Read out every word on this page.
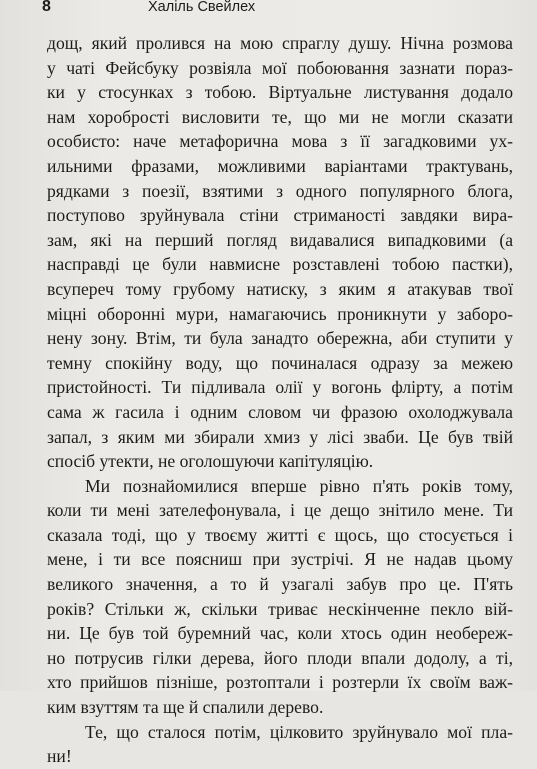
8	Халіль Свейлех
дощ, який пролився на мою спраглу душу. Нічна розмова
у чаті Фейсбуку розвіяла мої побоювання зазнати пораз-
ки у стосунках з тобою. Віртуальне листування додало
нам хоробрості висловити те, що ми не могли сказати
особисто: наче метафорична мова з її загадковими ух-
ильними фразами, можливими варіантами трактувань,
рядками з поезії, взятими з одного популярного блога,
поступово зруйнувала стіни стриманості завдяки вира-
зам, які на перший погляд видавалися випадковими (а
насправді це були навмисне розставлені тобою пастки),
всупереч тому грубому натиску, з яким я атакував твої
міцні оборонні мури, намагаючись проникнути у заборо-
нену зону. Втім, ти була занадто обережна, аби ступити у
темну спокійну воду, що починалася одразу за межею
пристойності. Ти підливала олії у вогонь флірту, а потім
сама ж гасила і одним словом чи фразою охолоджувала
запал, з яким ми збирали хмиз у лісі зваби. Це був твій
спосіб утекти, не оголошуючи капітуляцію.
Ми познайомилися вперше рівно п'ять років тому,
коли ти мені зателефонувала, і це дещо знітило мене. Ти
сказала тоді, що у твоєму житті є щось, що стосується і
мене, і ти все поясниш при зустрічі. Я не надав цьому
великого значення, а то й узагалі забув про це. П'ять
років? Стільки ж, скільки триває нескінченне пекло вій-
ни. Це був той буремний час, коли хтось один необереж-
но потрусив гілки дерева, його плоди впали додолу, а ті,
хто прийшов пізніше, розтоптали і розтерли їх своїм важ-
ким взуттям та ще й спалили дерево.
Те, що сталося потім, цілковито зруйнувало мої пла-
ни!
